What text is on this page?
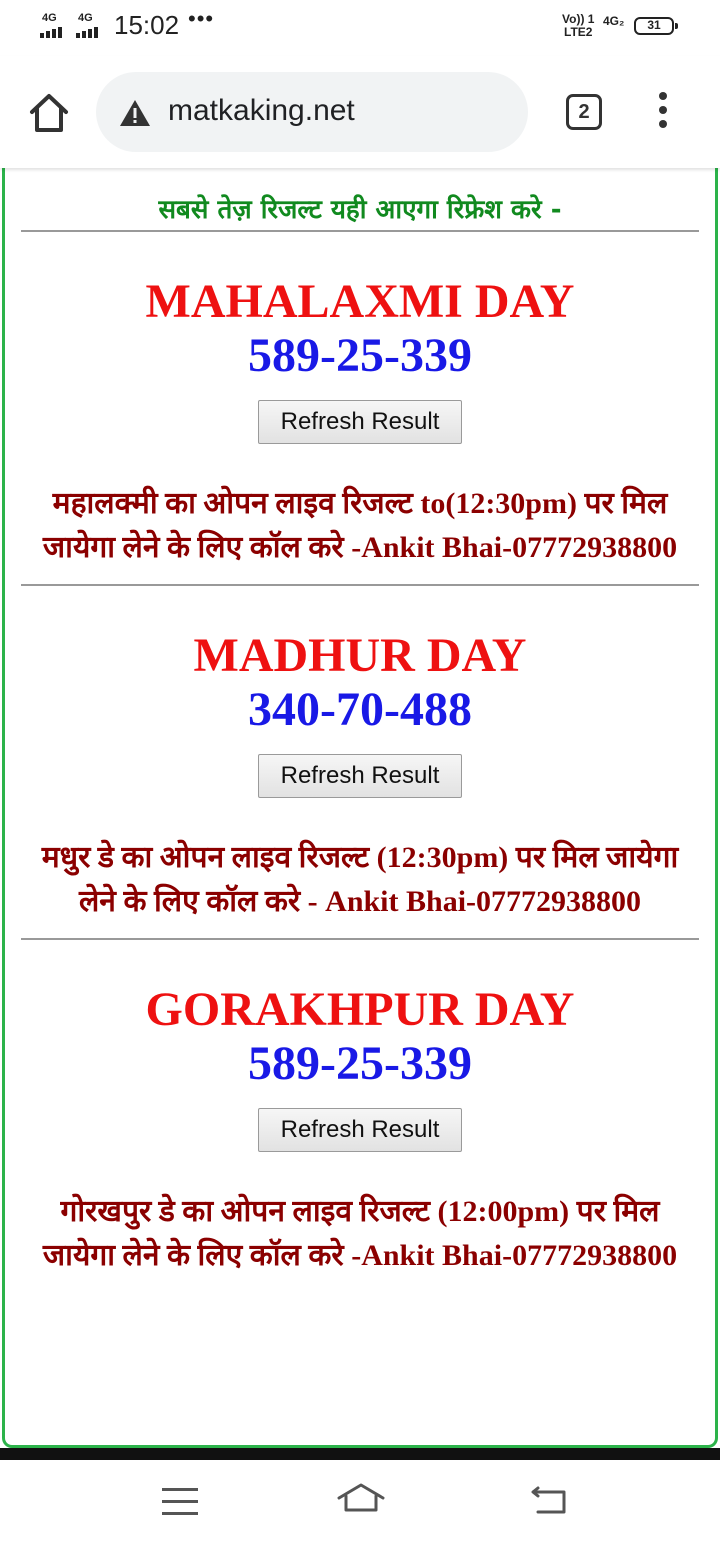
4G 4G 15:02 •••	Vo)) 1
LTE2
4G₂	31
matkaking.net	2
सबसे तेज़ रिजल्ट यही आएगा रिफ्रेश करे -
MAHALAXMI DAY
589-25-339
Refresh Result
महालक्मी का ओपन लाइव रिजल्ट to(12:30pm) पर मिल जायेगा लेने के लिए कॉल करे -Ankit Bhai-07772938800
MADHUR DAY
340-70-488
Refresh Result
मधुर डे का ओपन लाइव रिजल्ट (12:30pm) पर मिल जायेगा लेने के लिए कॉल करे - Ankit Bhai-07772938800
GORAKHPUR DAY
589-25-339
Refresh Result
गोरखपुर डे का ओपन लाइव रिजल्ट (12:00pm) पर मिल जायेगा लेने के लिए कॉल करे -Ankit Bhai-07772938800
